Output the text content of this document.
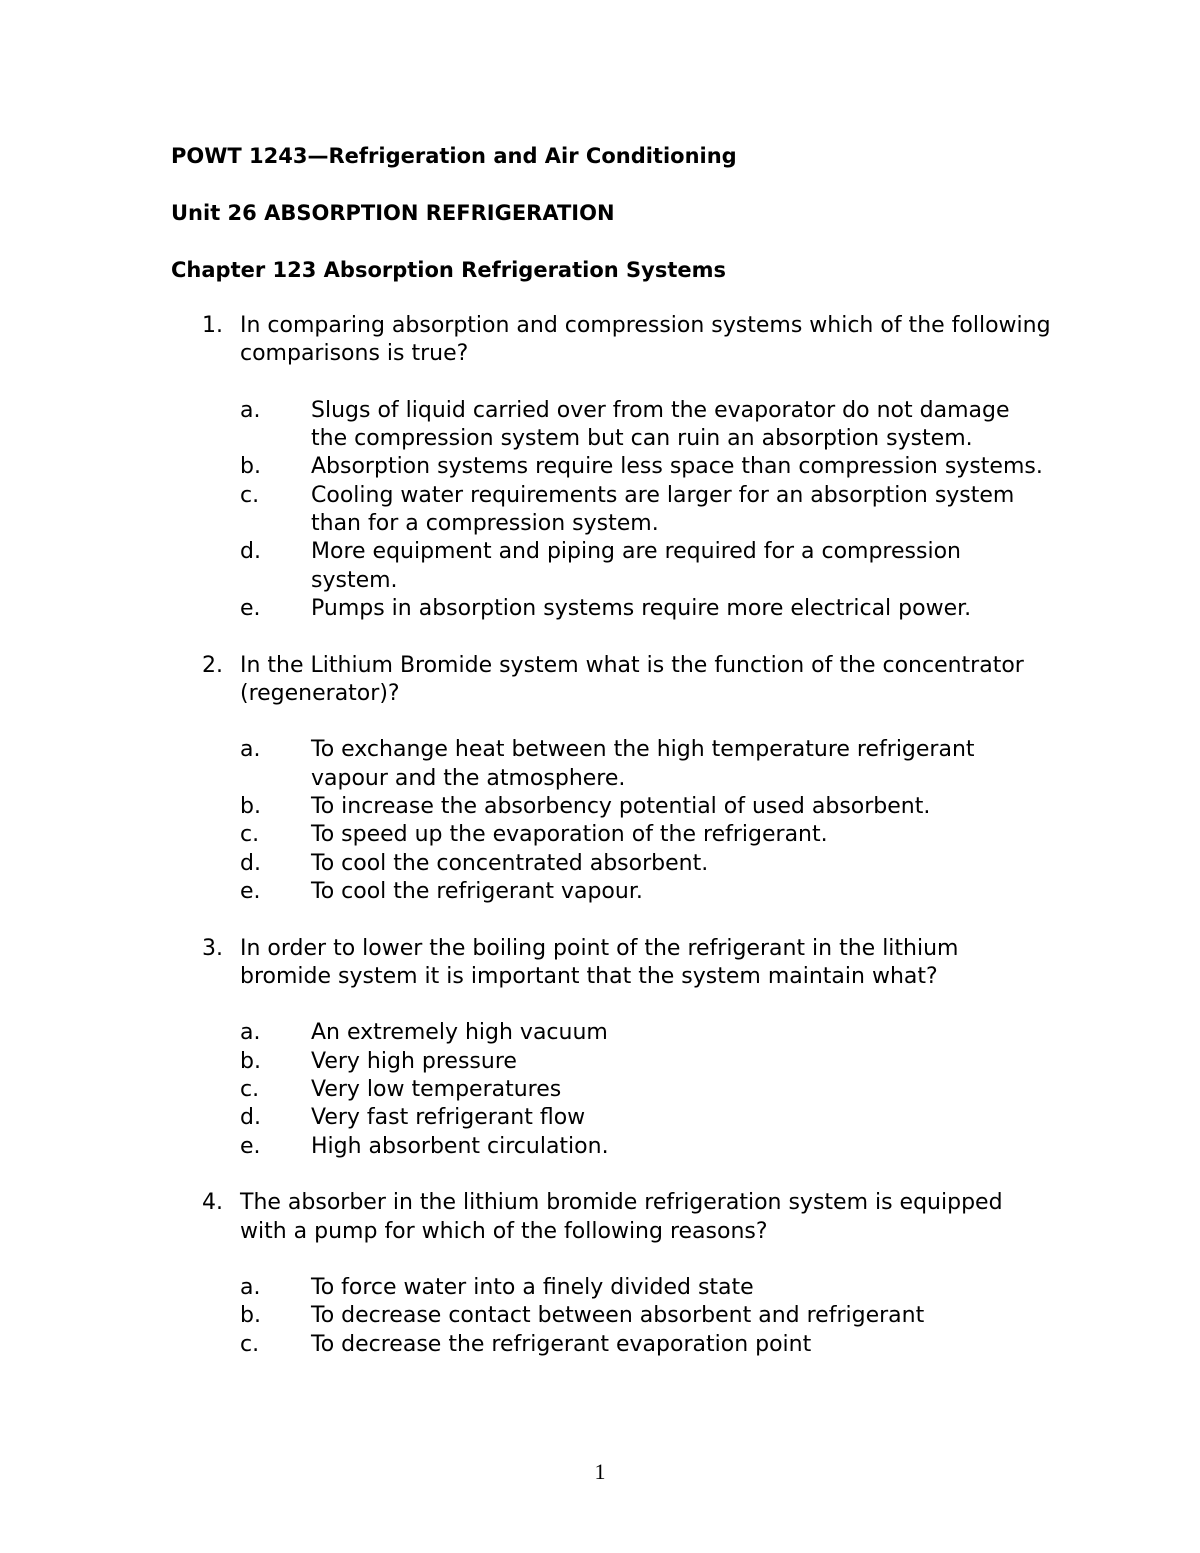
POWT 1243—Refrigeration and Air Conditioning
Unit 26 ABSORPTION REFRIGERATION
Chapter 123 Absorption Refrigeration Systems
1. In comparing absorption and compression systems which of the following comparisons is true?
a.	Slugs of liquid carried over from the evaporator do not damage the compression system but can ruin an absorption system.
b.	Absorption systems require less space than compression systems.
c.	Cooling water requirements are larger for an absorption system than for a compression system.
d.	More equipment and piping are required for a compression system.
e.	Pumps in absorption systems require more electrical power.
2. In the Lithium Bromide system what is the function of the concentrator (regenerator)?
a.	To exchange heat between the high temperature refrigerant vapour and the atmosphere.
b.	To increase the absorbency potential of used absorbent.
c.	To speed up the evaporation of the refrigerant.
d.	To cool the concentrated absorbent.
e.	To cool the refrigerant vapour.
3. In order to lower the boiling point of the refrigerant in the lithium bromide system it is important that the system maintain what?
a.	An extremely high vacuum
b.	Very high pressure
c.	Very low temperatures
d.	Very fast refrigerant flow
e.	High absorbent circulation.
4. The absorber in the lithium bromide refrigeration system is equipped with a pump for which of the following reasons?
a.	To force water into a finely divided state
b.	To decrease contact between absorbent and refrigerant
c.	To decrease the refrigerant evaporation point
1
